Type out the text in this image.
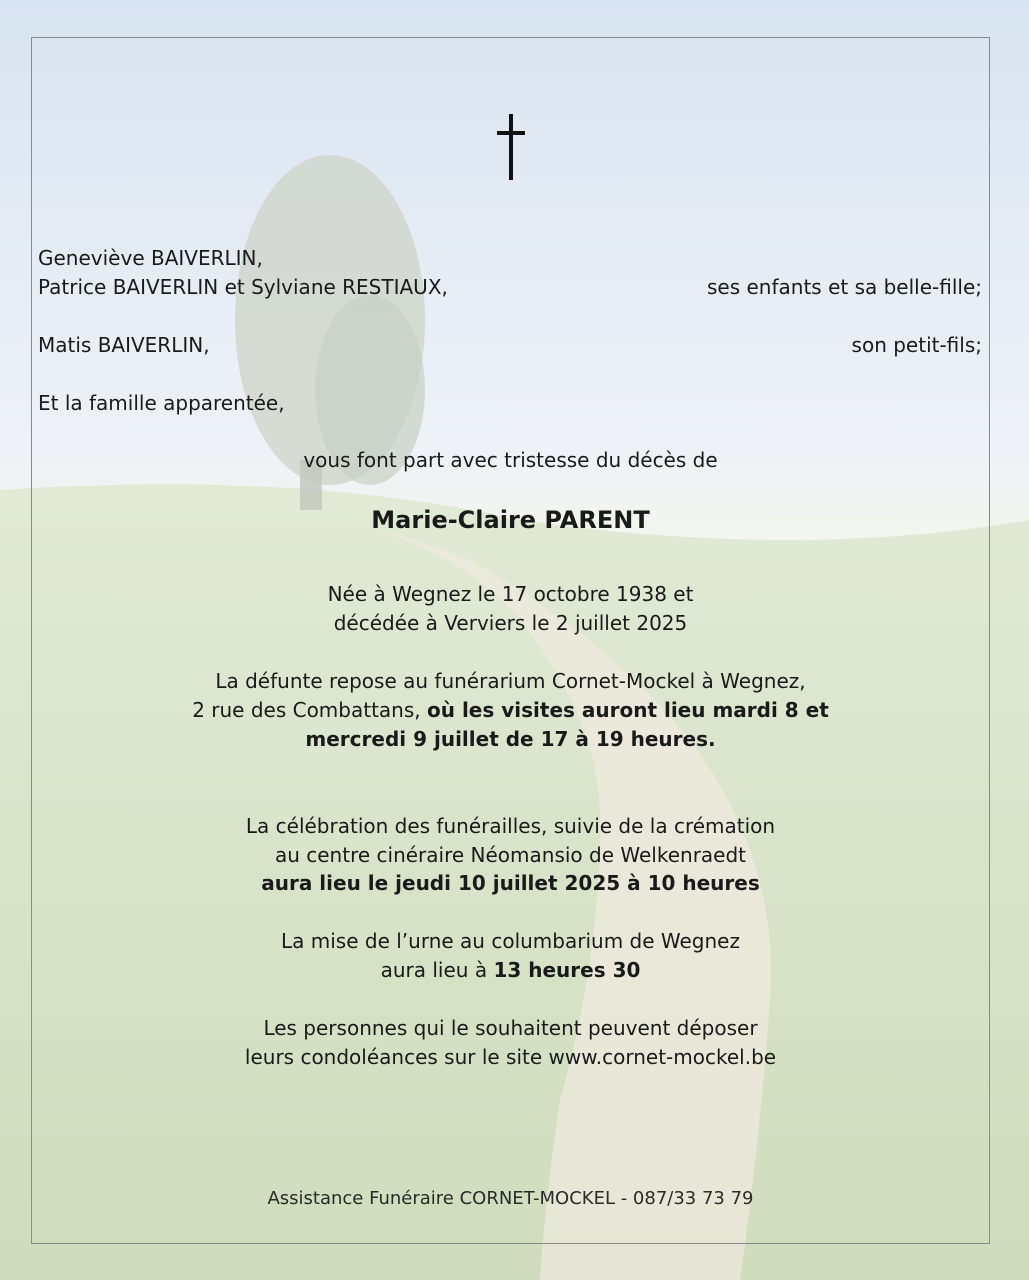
Geneviève BAIVERLIN,
Patrice BAIVERLIN et Sylviane RESTIAUX,	ses enfants et sa belle-fille;
Matis BAIVERLIN,	son petit-fils;
Et la famille apparentée,
vous font part avec tristesse du décès de
Marie-Claire PARENT
Née à Wegnez le 17 octobre 1938 et
décédée à Verviers le 2 juillet 2025
La défunte repose au funérarium Cornet-Mockel à Wegnez,
2 rue des Combattans, où les visites auront lieu mardi 8 et
mercredi 9 juillet de 17 à 19 heures.
La célébration des funérailles, suivie de la crémation
au centre cinéraire Néomansio de Welkenraedt
aura lieu le jeudi 10 juillet 2025 à 10 heures
La mise de l’urne au columbarium de Wegnez
aura lieu à 13 heures 30
Les personnes qui le souhaitent peuvent déposer
leurs condoléances sur le site www.cornet-mockel.be
Assistance Funéraire CORNET-MOCKEL - 087/33 73 79
